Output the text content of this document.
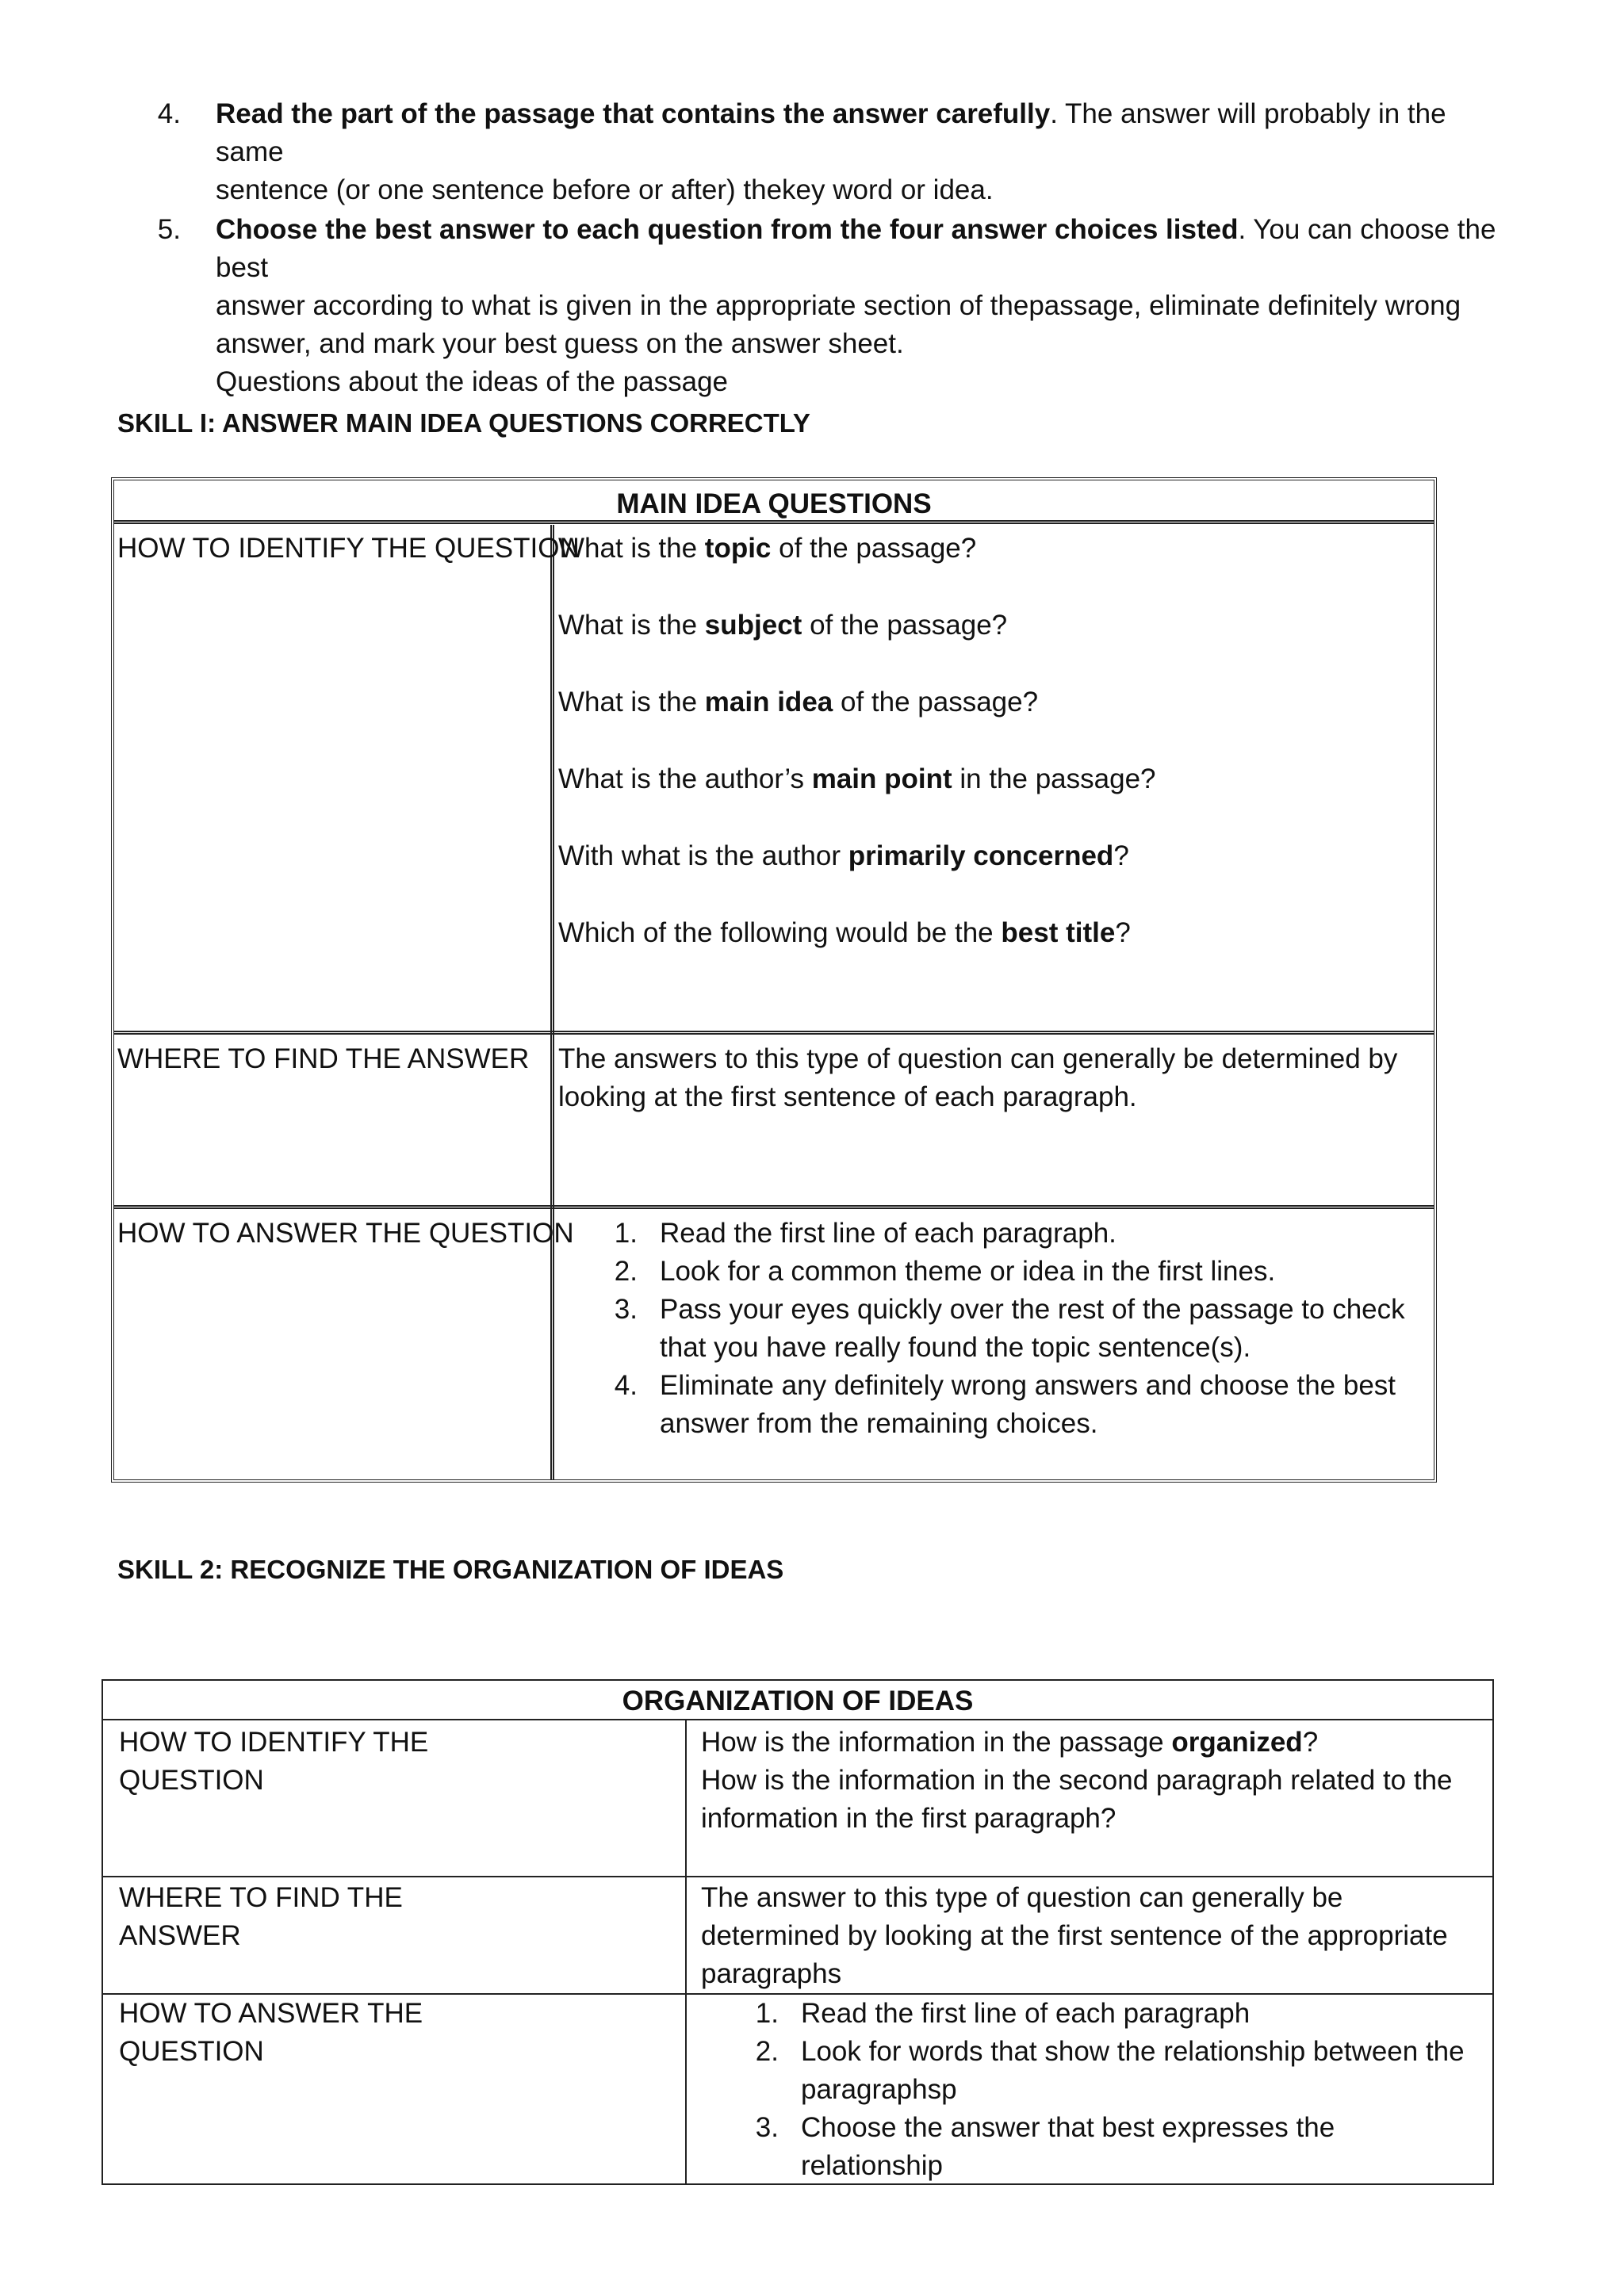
4. Read the part of the passage that contains the answer carefully. The answer will probably in the same
sentence (or one sentence before or after) thekey word or idea.
5. Choose the best answer to each question from the four answer choices listed. You can choose the best
answer according to what is given in the appropriate section of thepassage, eliminate definitely wrong
answer, and mark your best guess on the answer sheet.
Questions about the ideas of the passage
SKILL I: ANSWER MAIN IDEA QUESTIONS CORRECTLY
MAIN IDEA QUESTIONS
HOW TO IDENTIFY THE QUESTION
What is the topic of the passage?
What is the subject of the passage?
What is the main idea of the passage?
What is the author’s main point in the passage?
With what is the author primarily concerned?
Which of the following would be the best title?
WHERE TO FIND THE ANSWER The answers to this type of question can generally be determined by
looking at the first sentence of each paragraph.
HOW TO ANSWER THE QUESTION	1. Read the first line of each paragraph.
2. Look for a common theme or idea in the first lines.
3. Pass your eyes quickly over the rest of the passage to check
that you have really found the topic sentence(s).
4. Eliminate any definitely wrong answers and choose the best
answer from the remaining choices.
SKILL 2: RECOGNIZE THE ORGANIZATION OF IDEAS
ORGANIZATION OF IDEAS
HOW TO IDENTIFY THE
QUESTION
How is the information in the passage organized?
How is the information in the second paragraph related to the
information in the first paragraph?
WHERE TO FIND THE
ANSWER
The answer to this type of question can generally be
determined by looking at the first sentence of the appropriate
paragraphs
HOW TO ANSWER THE
QUESTION
1. Read the first line of each paragraph
2. Look for words that show the relationship between the
paragraphsp
3. Choose the answer that best expresses the
relationship
